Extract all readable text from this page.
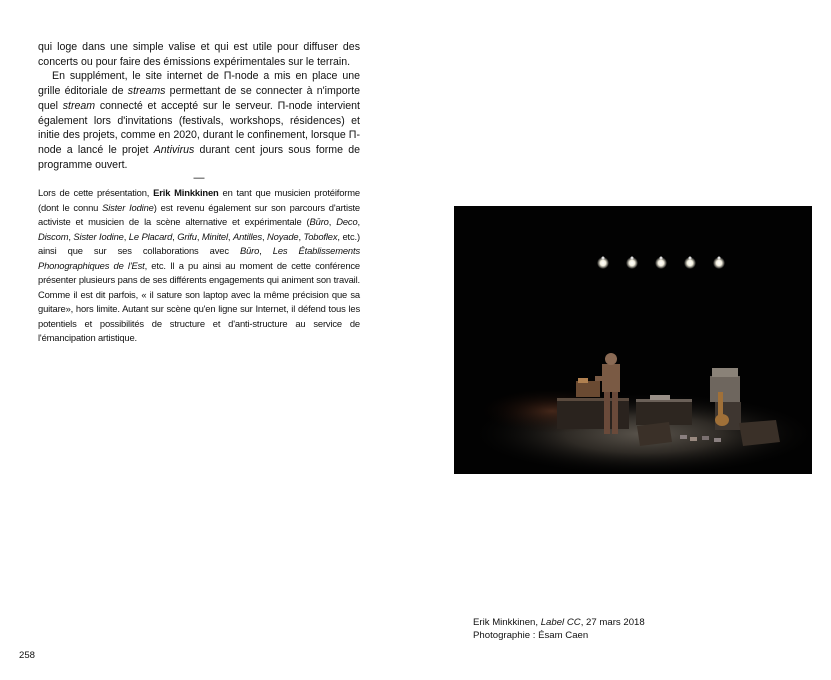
qui loge dans une simple valise et qui est utile pour diffuser des concerts ou pour faire des émissions expérimentales sur le terrain.

En supplément, le site internet de Π-node a mis en place une grille éditoriale de streams permettant de se connecter à n'importe quel stream connecté et accepté sur le serveur. Π-node intervient également lors d'invitations (festivals, workshops, résidences) et initie des projets, comme en 2020, durant le confinement, lorsque Π-node a lancé le projet Antivirus durant cent jours sous forme de programme ouvert.

—

Lors de cette présentation, Erik Minkkinen en tant que musicien protéiforme (dont le connu Sister Iodine) est revenu également sur son parcours d'artiste activiste et musicien de la scène alternative et expérimentale (Būro, Deco, Discom, Sister Iodine, Le Placard, Grifu, Minitel, Antilles, Noyade, Toboflex, etc.) ainsi que sur ses collaborations avec Būro, Les Établissements Phonographiques de l'Est, etc. Il a pu ainsi au moment de cette conférence présenter plusieurs pans de ses différents engagements qui animent son travail. Comme il est dit parfois, « il sature son laptop avec la même précision que sa guitare», hors limite. Autant sur scène qu'en ligne sur Internet, il défend tous les potentiels et possibilités de structure et d'anti-structure au service de l'émancipation artistique.

Erik Minkkinen, Label CC, 27 mars 2018
Photographie : Ésam Caen
258
